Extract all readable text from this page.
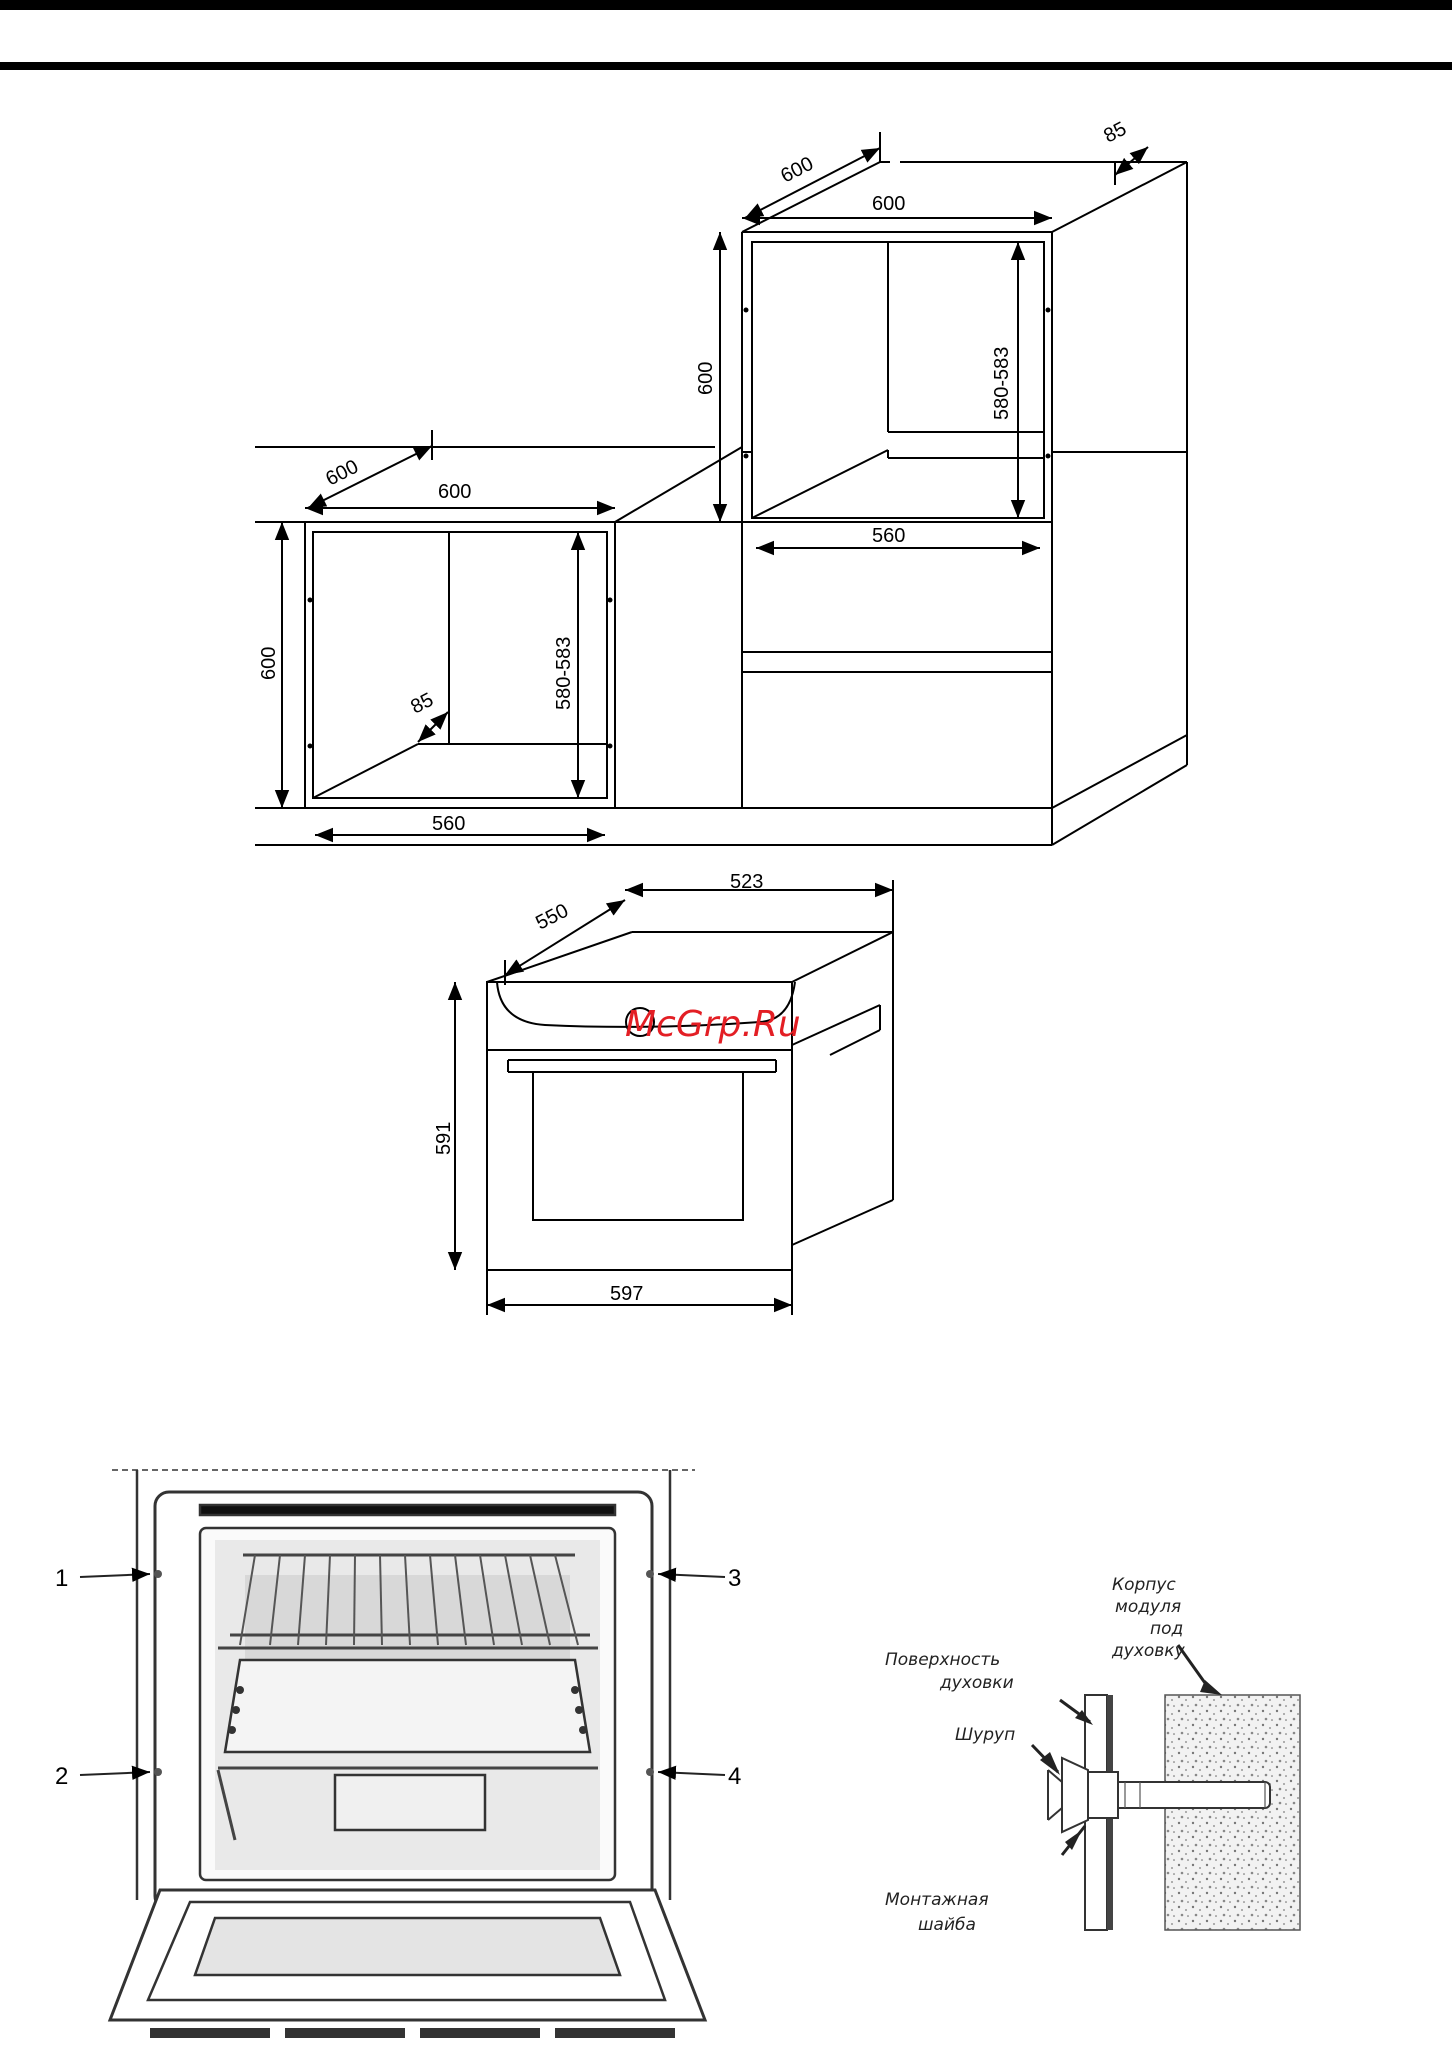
600
600
600	580-583
560
85
600
600
600	580-583
560
85
550
523
591
597
McGrp.Ru
1
2
3
4
Корпус
модуля
под
духовку
Поверхность
духовки
Шуруп
Монтажная
шайба
